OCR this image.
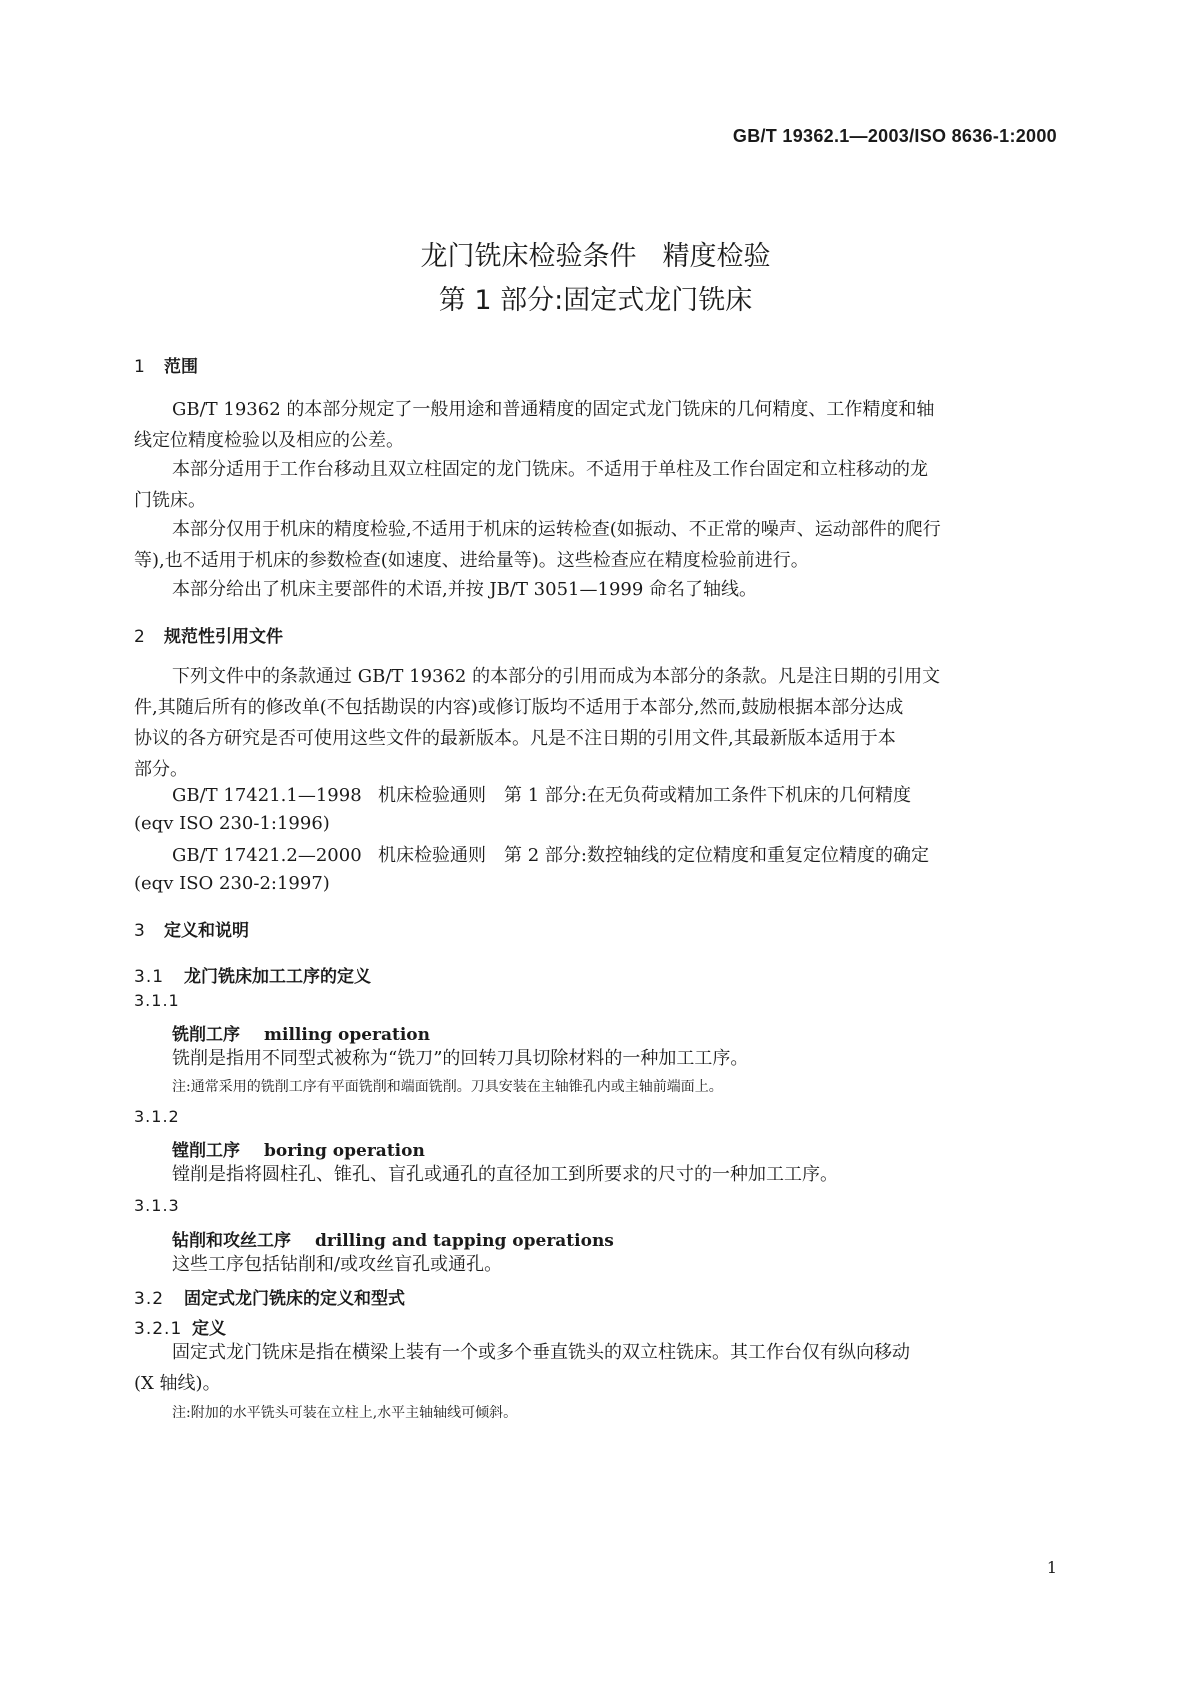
GB/T 19362.1—2003/ISO 8636-1:2000
龙门铣床检验条件 精度检验
第 1 部分:固定式龙门铣床
1 范围
GB/T 19362 的本部分规定了一般用途和普通精度的固定式龙门铣床的几何精度、工作精度和轴
线定位精度检验以及相应的公差。
本部分适用于工作台移动且双立柱固定的龙门铣床。不适用于单柱及工作台固定和立柱移动的龙
门铣床。
本部分仅用于机床的精度检验,不适用于机床的运转检查(如振动、不正常的噪声、运动部件的爬行
等),也不适用于机床的参数检查(如速度、进给量等)。这些检查应在精度检验前进行。
本部分给出了机床主要部件的术语,并按 JB/T 3051—1999 命名了轴线。
2 规范性引用文件
下列文件中的条款通过 GB/T 19362 的本部分的引用而成为本部分的条款。凡是注日期的引用文
件,其随后所有的修改单(不包括勘误的内容)或修订版均不适用于本部分,然而,鼓励根据本部分达成
协议的各方研究是否可使用这些文件的最新版本。凡是不注日期的引用文件,其最新版本适用于本
部分。
GB/T 17421.1—1998 机床检验通则　第 1 部分:在无负荷或精加工条件下机床的几何精度
(eqv ISO 230-1:1996)
GB/T 17421.2—2000 机床检验通则　第 2 部分:数控轴线的定位精度和重复定位精度的确定
(eqv ISO 230-2:1997)
3 定义和说明
3.1 龙门铣床加工工序的定义
3.1.1
铣削工序 milling operation
铣削是指用不同型式被称为“铣刀”的回转刀具切除材料的一种加工工序。
注:通常采用的铣削工序有平面铣削和端面铣削。刀具安装在主轴锥孔内或主轴前端面上。
3.1.2
镗削工序 boring operation
镗削是指将圆柱孔、锥孔、盲孔或通孔的直径加工到所要求的尺寸的一种加工工序。
3.1.3
钻削和攻丝工序 drilling and tapping operations
这些工序包括钻削和/或攻丝盲孔或通孔。
3.2 固定式龙门铣床的定义和型式
3.2.1 定义
固定式龙门铣床是指在横梁上装有一个或多个垂直铣头的双立柱铣床。其工作台仅有纵向移动
(X 轴线)。
注:附加的水平铣头可装在立柱上,水平主轴轴线可倾斜。
1
